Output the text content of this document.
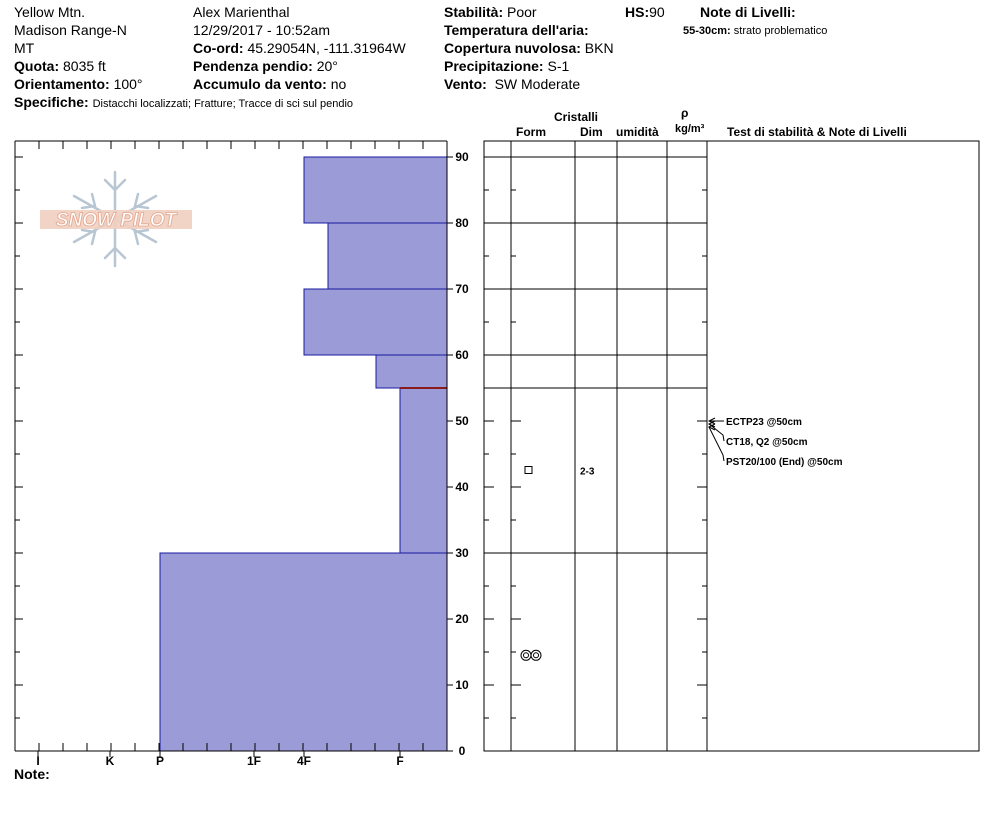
Yellow Mtn.
Madison Range-N
MT
Quota: 8035 ft
Orientamento: 100°
Specifiche: Distacchi localizzati; Fratture; Tracce di sci sul pendio
Alex Marienthal
12/29/2017 - 10:52am
Co-ord: 45.29054N, -111.31964W
Pendenza pendio: 20°
Accumulo da vento: no
Stabilità: Poor	HS:90
Temperatura dell'aria:
Copertura nuvolosa: BKN
Precipitazione: S-1
Vento: SW Moderate
Note di Livelli:
55-30cm: strato problematico
Cristalli
Form	Dim umidità
ρ
kg/m³ Test di stabilità & Note di Livelli
SNOW PILOT
0
10
20
30
40
50
60
70
80
90
I	K	P	1F	4F	F
2-3
ECTP23 @50cm
CT18, Q2 @50cm
PST20/100 (End) @50cm
Note:
